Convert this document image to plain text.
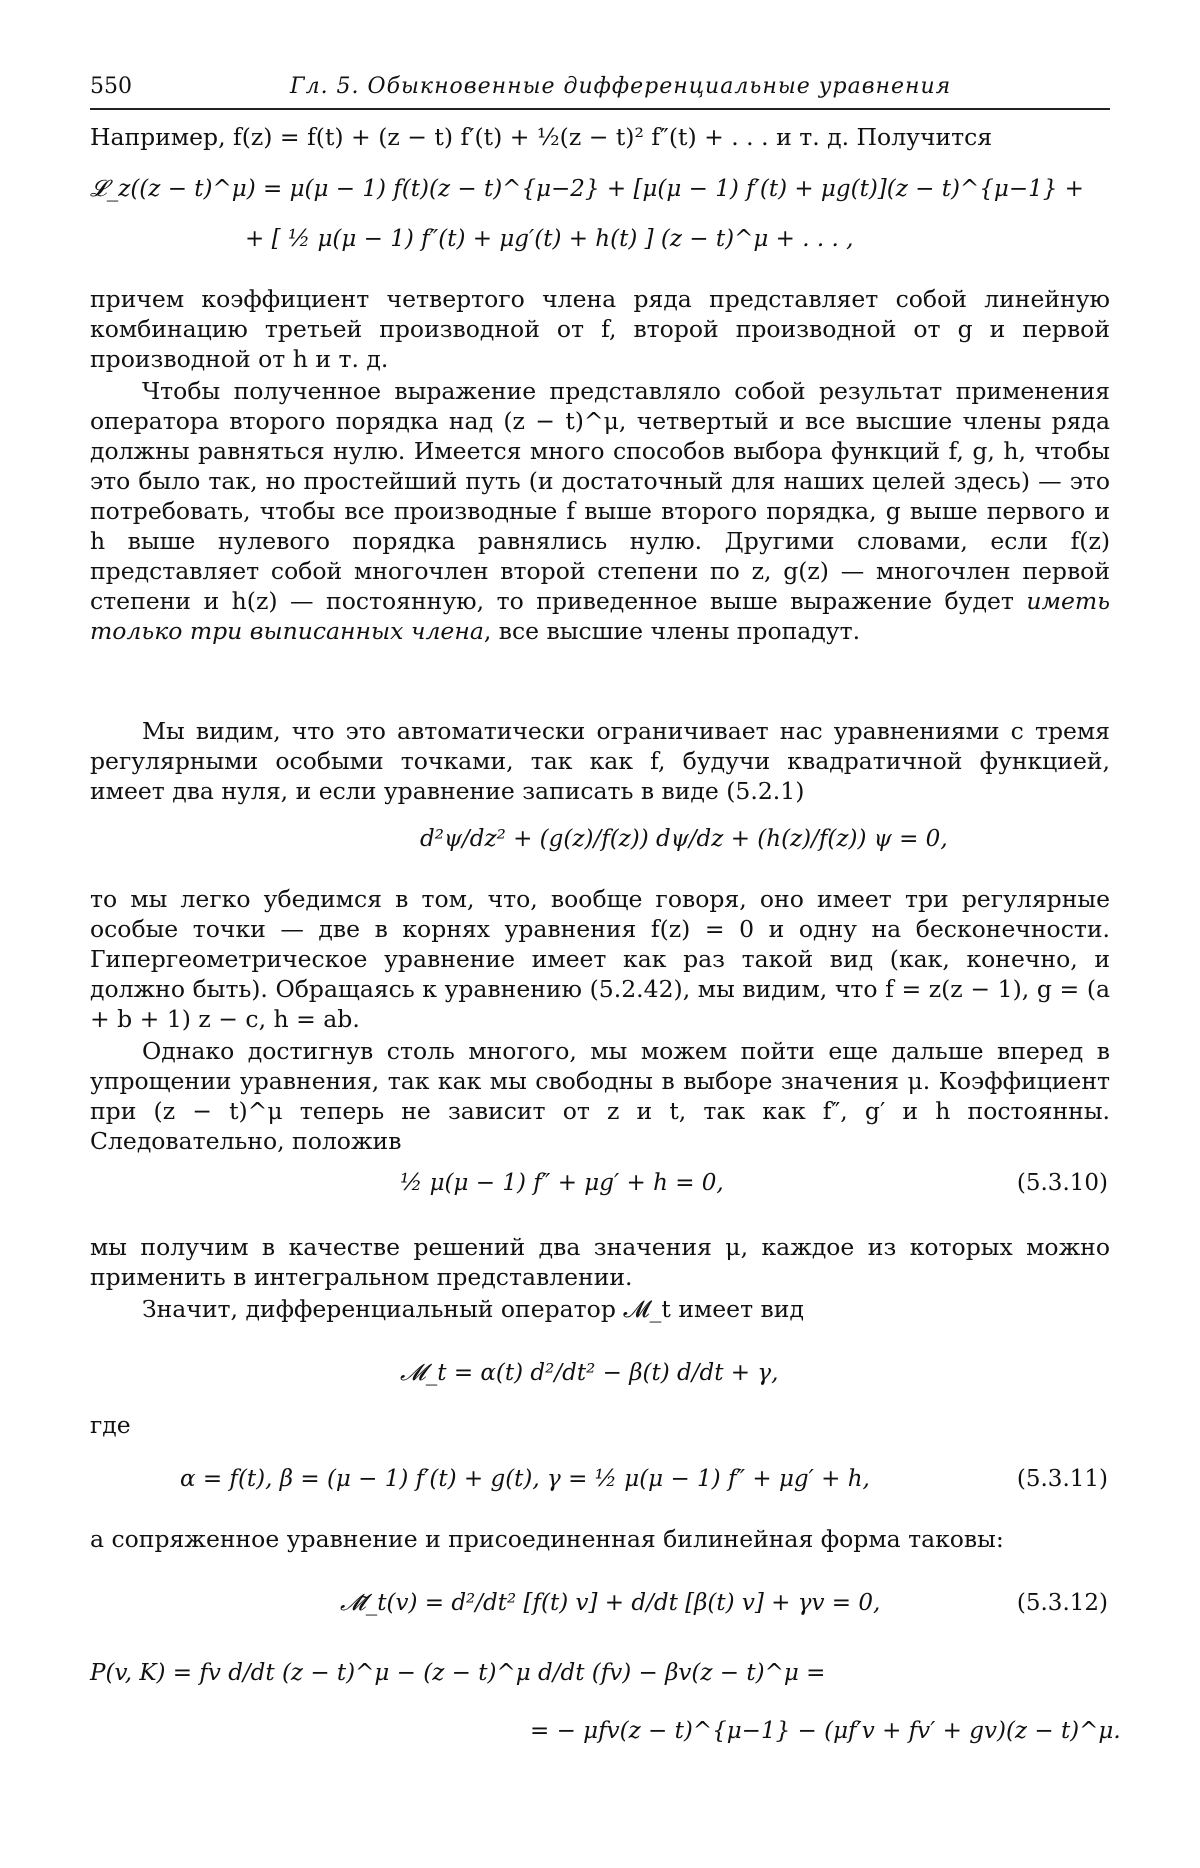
550	Гл. 5. Обыкновенные дифференциальные уравнения
Например, f(z) = f(t) + (z − t) f′(t) + ½(z − t)² f″(t) + . . . и т. д. Получится
𝓛_z((z − t)^μ) = μ(μ − 1) f(t)(z − t)^{μ−2} + [μ(μ − 1) f′(t) + μg(t)](z − t)^{μ−1} +
+ [ ½ μ(μ − 1) f″(t) + μg′(t) + h(t) ] (z − t)^μ + . . . ,
причем коэффициент четвертого члена ряда представляет собой линейную комбинацию третьей производной от f, второй производной от g и первой производной от h и т. д.
Чтобы полученное выражение представляло собой результат применения оператора второго порядка над (z − t)^μ, четвертый и все высшие члены ряда должны равняться нулю. Имеется много способов выбора функций f, g, h, чтобы это было так, но простейший путь (и достаточный для наших целей здесь) — это потребовать, чтобы все производные f выше второго порядка, g выше первого и h выше нулевого порядка равнялись нулю. Другими словами, если f(z) представляет собой многочлен второй степени по z, g(z) — многочлен первой степени и h(z) — постоянную, то приведенное выше выражение будет иметь только три выписанных члена, все высшие члены пропадут.
Мы видим, что это автоматически ограничивает нас уравнениями с тремя регулярными особыми точками, так как f, будучи квадратичной функцией, имеет два нуля, и если уравнение записать в виде (5.2.1)
d²ψ/dz² + (g(z)/f(z)) dψ/dz + (h(z)/f(z)) ψ = 0,
то мы легко убедимся в том, что, вообще говоря, оно имеет три регулярные особые точки — две в корнях уравнения f(z) = 0 и одну на бесконечности. Гипергеометрическое уравнение имеет как раз такой вид (как, конечно, и должно быть). Обращаясь к уравнению (5.2.42), мы видим, что f = z(z − 1), g = (a + b + 1) z − c, h = ab.
Однако достигнув столь многого, мы можем пойти еще дальше вперед в упрощении уравнения, так как мы свободны в выборе значения μ. Коэффициент при (z − t)^μ теперь не зависит от z и t, так как f″, g′ и h постоянны. Следовательно, положив
½ μ(μ − 1) f″ + μg′ + h = 0,	(5.3.10)
мы получим в качестве решений два значения μ, каждое из которых можно применить в интегральном представлении.
Значит, дифференциальный оператор 𝓜_t имеет вид
𝓜_t = α(t) d²/dt² − β(t) d/dt + γ,
где
α = f(t), β = (μ − 1) f′(t) + g(t), γ = ½ μ(μ − 1) f″ + μg′ + h,	(5.3.11)
а сопряженное уравнение и присоединенная билинейная форма таковы:
𝓜̃_t(v) = d²/dt² [f(t) v] + d/dt [β(t) v] + γv = 0,	(5.3.12)
P(v, K) = fv d/dt (z − t)^μ − (z − t)^μ d/dt (fv) − βv(z − t)^μ =
= − μfv(z − t)^{μ−1} − (μf′v + fv′ + gv)(z − t)^μ.
